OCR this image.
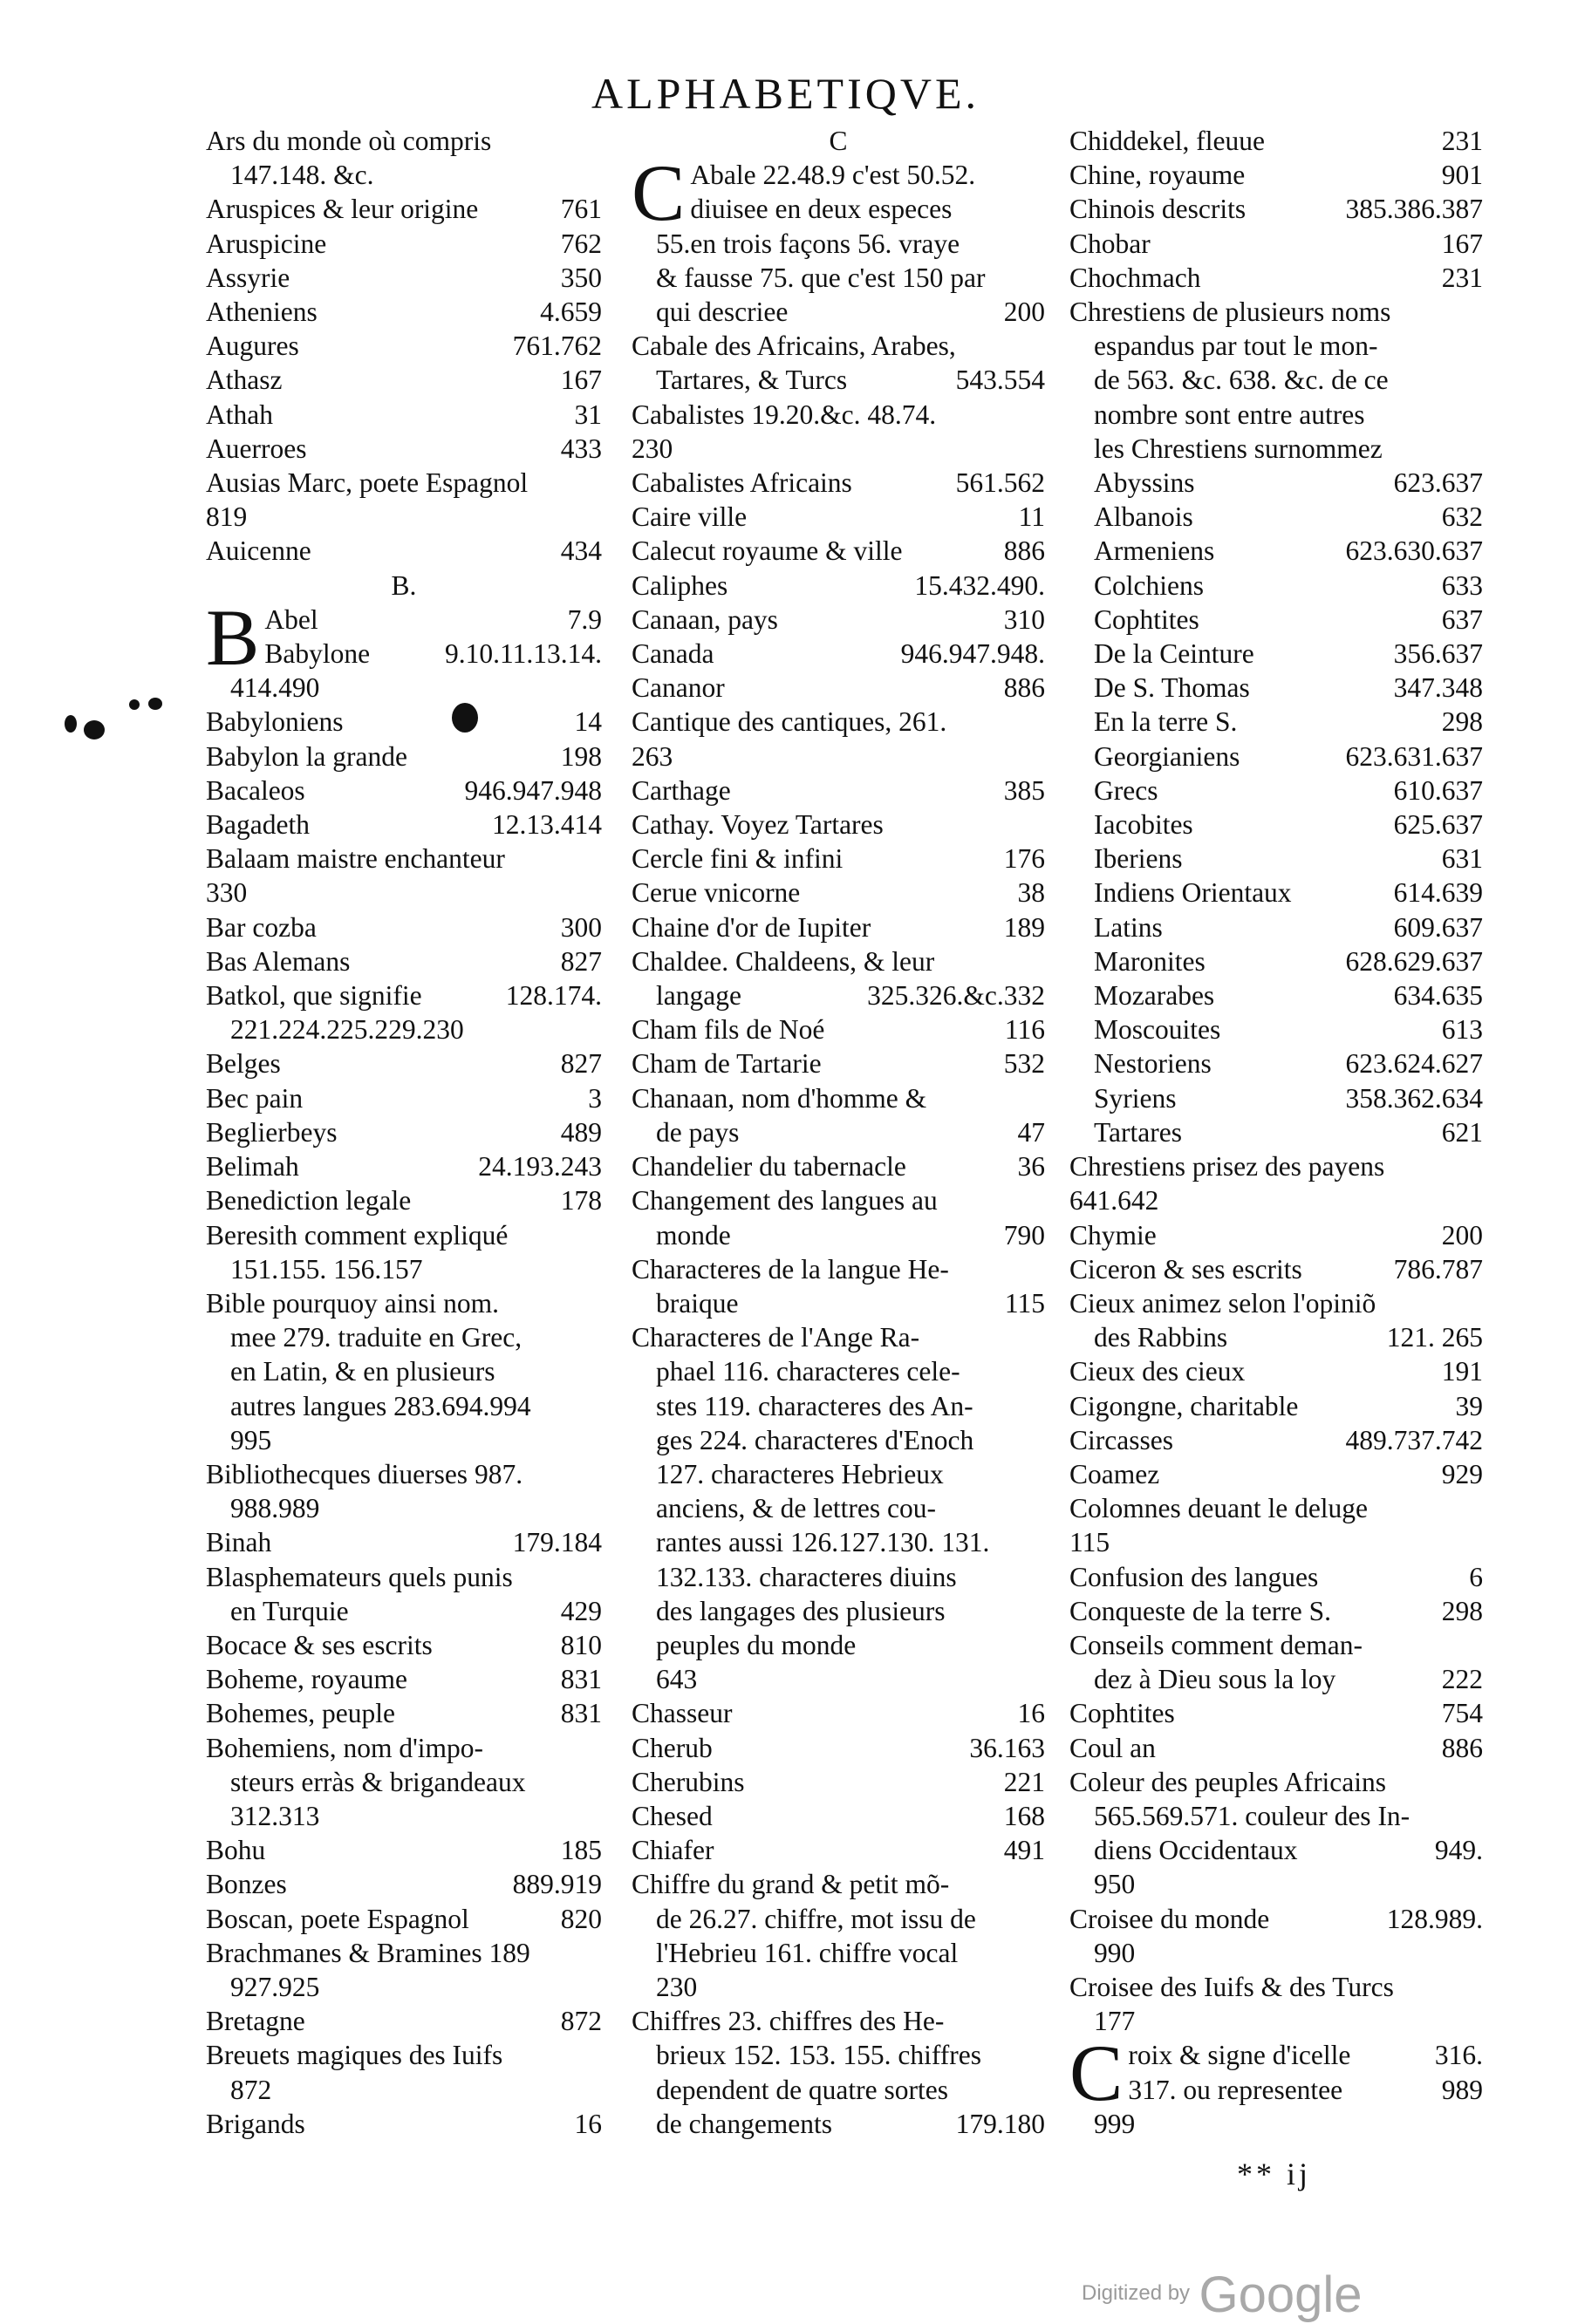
ALPHABETIQVE.
Ars du monde où compris
147.148. &c.
Aruspices & leur origine	761
Aruspicine	762
Assyrie	350
Atheniens	4.659
Augures	761.762
Athasz	167
Athah	31
Auerroes	433
Ausias Marc, poete Espagnol
819
Auicenne	434
B.
B Abel	7.9
Babylone	9.10.11.13.14.
414.490
Babyloniens	14
Babylon la grande	198
Bacaleos	946.947.948
Bagadeth	12.13.414
Balaam maistre enchanteur
330
Bar cozba	300
Bas Alemans	827
Batkol, que signifie	128.174.
221.224.225.229.230
Belges	827
Bec pain	3
Beglierbeys	489
Belimah	24.193.243
Benediction legale	178
Beresith comment expliqué
151.155. 156.157
Bible pourquoy ainsi nom.
mee 279. traduite en Grec,
en Latin, & en plusieurs
autres langues 283.694.994
995
Bibliothecques diuerses 987.
988.989
Binah	179.184
Blasphemateurs quels punis
en Turquie	429
Bocace & ses escrits	810
Boheme, royaume	831
Bohemes, peuple	831
Bohemiens, nom d'impo-
steurs erràs & brigandeaux
312.313
Bohu	185
Bonzes	889.919
Boscan, poete Espagnol	820
Brachmanes & Bramines 189
927.925
Bretagne	872
Breuets magiques des Iuifs
872
Brigands	16
C
C Abale 22.48.9 c'est 50.52.
diuisee en deux especes
55.en trois façons 56. vraye
& fausse 75. que c'est 150 par
qui descriee	200
Cabale des Africains, Arabes,
Tartares, & Turcs	543.554
Cabalistes 19.20.&c. 48.74.
230
Cabalistes Africains	561.562
Caire ville	11
Calecut royaume & ville	886
Caliphes	15.432.490.
Canaan, pays	310
Canada	946.947.948.
Cananor	886
Cantique des cantiques, 261.
263
Carthage	385
Cathay. Voyez Tartares
Cercle fini & infini	176
Cerue vnicorne	38
Chaine d'or de Iupiter	189
Chaldee. Chaldeens, & leur
langage	325.326.&c.332
Cham fils de Noé	116
Cham de Tartarie	532
Chanaan, nom d'homme &
de pays	47
Chandelier du tabernacle	36
Changement des langues au
monde	790
Characteres de la langue He-
braique	115
Characteres de l'Ange Ra-
phael 116. characteres cele-
stes 119. characteres des An-
ges 224. characteres d'Enoch
127. characteres Hebrieux
anciens, & de lettres cou-
rantes aussi 126.127.130. 131.
132.133. characteres diuins
des langages des plusieurs
peuples du monde
643
Chasseur	16
Cherub	36.163
Cherubins	221
Chesed	168
Chiafer	491
Chiffre du grand & petit mõ-
de 26.27. chiffre, mot issu de
l'Hebrieu 161. chiffre vocal
230
Chiffres 23. chiffres des He-
brieux 152. 153. 155. chiffres
dependent de quatre sortes
de changements	179.180
Chiddekel, fleuue	231
Chine, royaume	901
Chinois descrits	385.386.387
Chobar	167
Chochmach	231
Chrestiens de plusieurs noms
espandus par tout le mon-
de 563. &c. 638. &c. de ce
nombre sont entre autres
les Chrestiens surnommez
Abyssins	623.637
Albanois	632
Armeniens	623.630.637
Colchiens	633
Cophtites	637
De la Ceinture	356.637
De S. Thomas	347.348
En la terre S.	298
Georgianiens	623.631.637
Grecs	610.637
Iacobites	625.637
Iberiens	631
Indiens Orientaux	614.639
Latins	609.637
Maronites	628.629.637
Mozarabes	634.635
Moscouites	613
Nestoriens	623.624.627
Syriens	358.362.634
Tartares	621
Chrestiens prisez des payens
641.642
Chymie	200
Ciceron & ses escrits	786.787
Cieux animez selon l'opiniõ
des Rabbins	121. 265
Cieux des cieux	191
Cigongne, charitable	39
Circasses	489.737.742
Coamez	929
Colomnes deuant le deluge
115
Confusion des langues	6
Conqueste de la terre S.	298
Conseils comment deman-
dez à Dieu sous la loy	222
Cophtites	754
Coul an	886
Coleur des peuples Africains
565.569.571. couleur des In-
diens Occidentaux	949.
950
Croisee du monde	128.989.
990
Croisee des Iuifs & des Turcs
177
C roix & signe d'icelle	316.
317. ou representee	989
999
** ij
Digitized by Google
